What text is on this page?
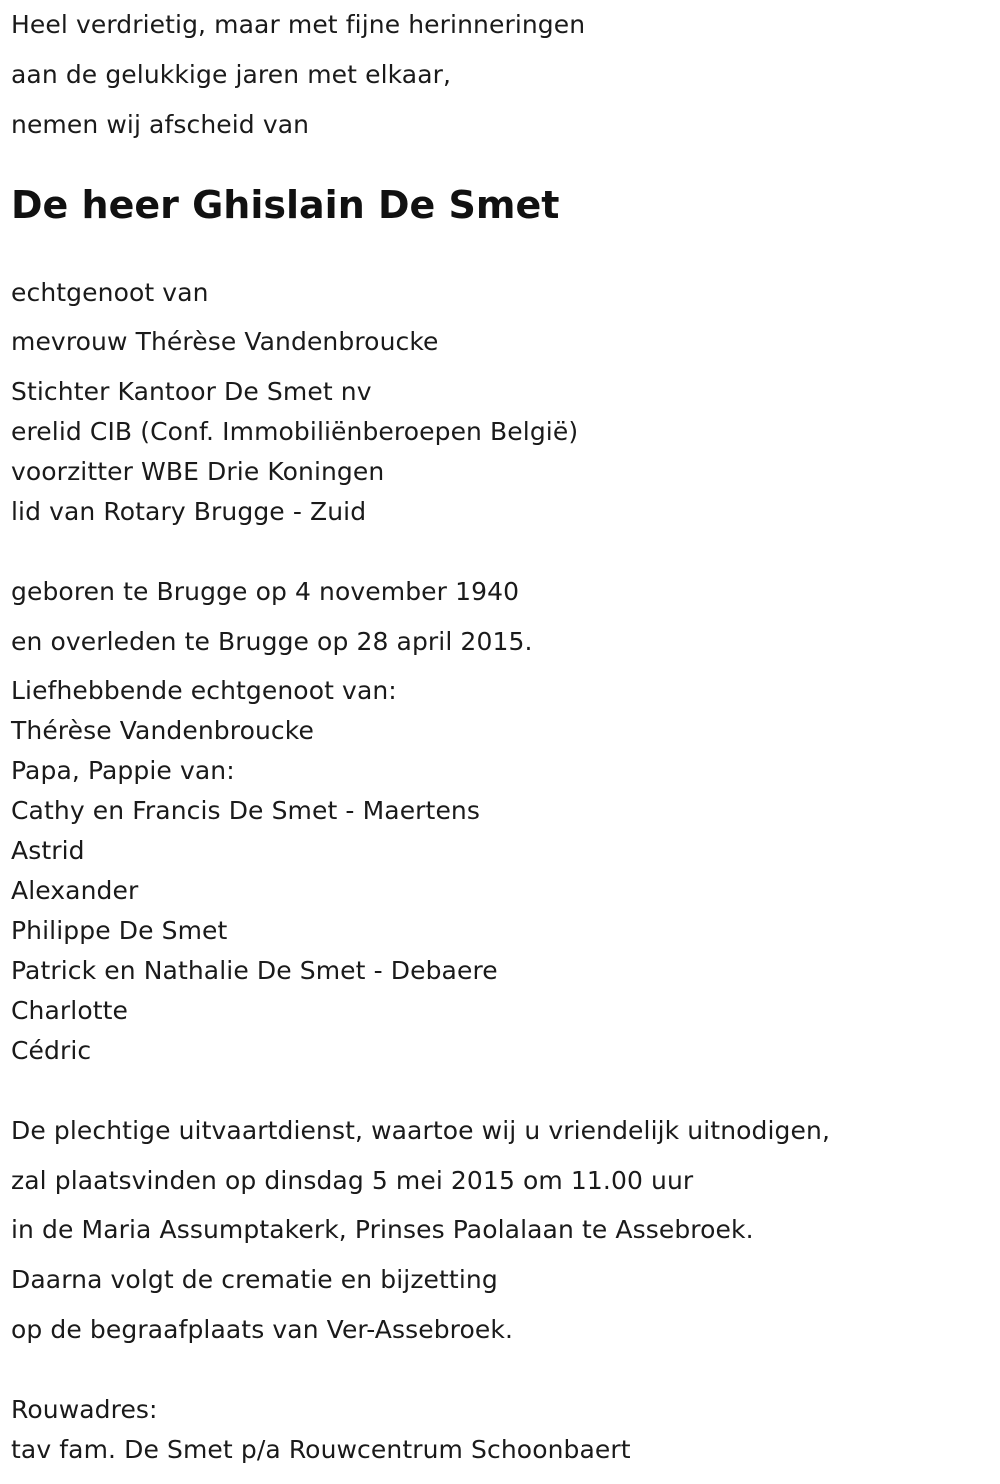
Heel verdrietig, maar met fijne herinneringen
aan de gelukkige jaren met elkaar,
nemen wij afscheid van
De heer Ghislain De Smet
echtgenoot van
mevrouw Thérèse Vandenbroucke
Stichter Kantoor De Smet nv
erelid CIB (Conf. Immobiliënberoepen België)
voorzitter WBE Drie Koningen
lid van Rotary Brugge - Zuid
geboren te Brugge op 4 november 1940
en overleden te Brugge op 28 april 2015.
Liefhebbende echtgenoot van:
Thérèse Vandenbroucke
Papa, Pappie van:
Cathy en Francis De Smet - Maertens
Astrid
Alexander
Philippe De Smet
Patrick en Nathalie De Smet - Debaere
Charlotte
Cédric
De plechtige uitvaartdienst, waartoe wij u vriendelijk uitnodigen,
zal plaatsvinden op dinsdag 5 mei 2015 om 11.00 uur
in de Maria Assumptakerk, Prinses Paolalaan te Assebroek.
Daarna volgt de crematie en bijzetting
op de begraafplaats van Ver-Assebroek.
Rouwadres:
tav fam. De Smet p/a Rouwcentrum Schoonbaert
